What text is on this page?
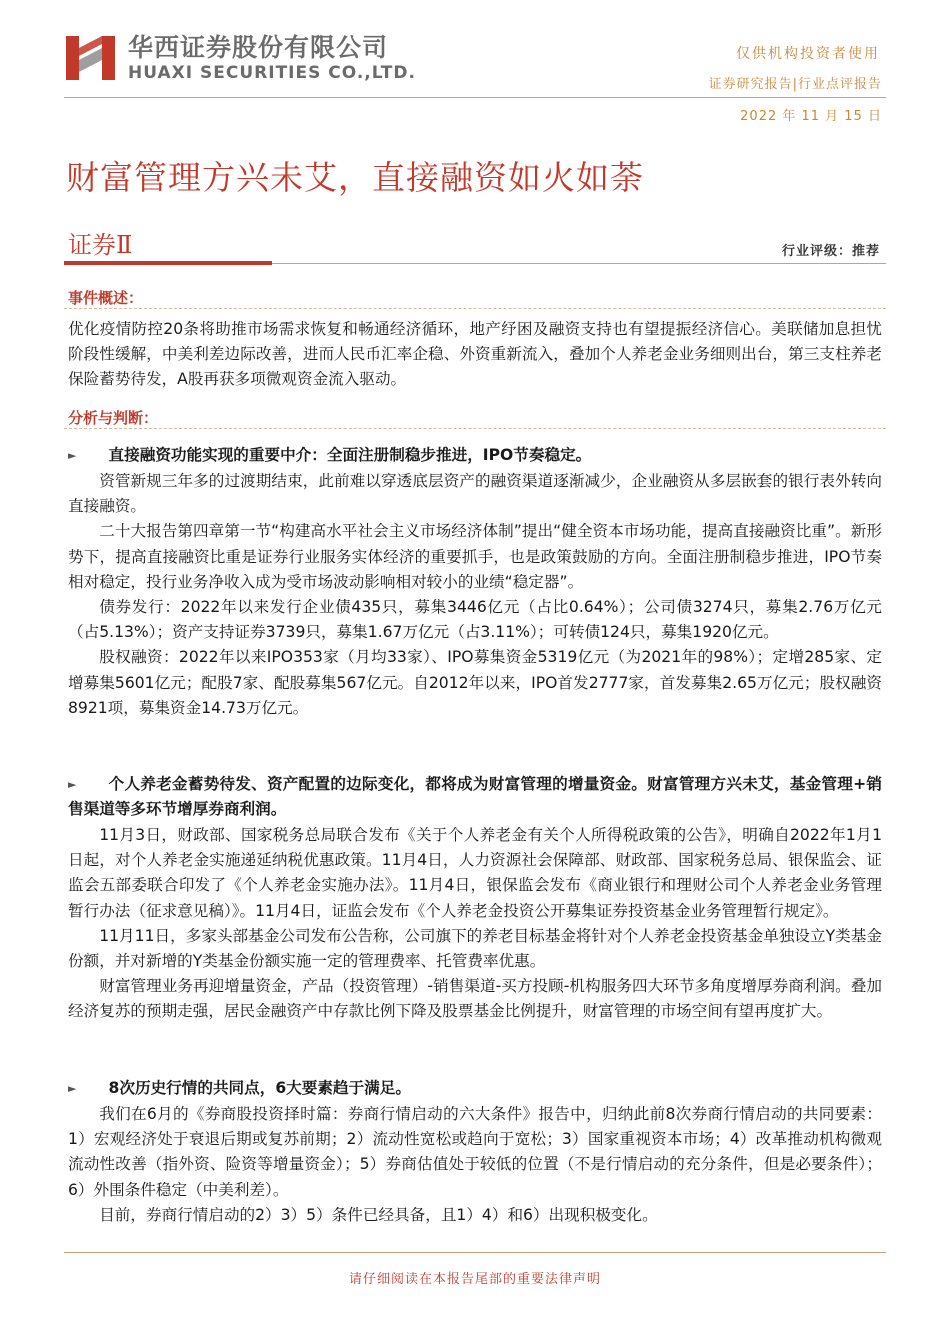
华西证券股份有限公司
HUAXI SECURITIES CO.,LTD.
仅供机构投资者使用
证券研究报告|行业点评报告
2022 年 11 月 15 日
财富管理方兴未艾，直接融资如火如荼
证券Ⅱ	行业评级：推荐
事件概述：

优化疫情防控20条将助推市场需求恢复和畅通经济循环，地产纾困及融资支持也有望提振经济信心。美联储加息担忧阶段性缓解，中美利差边际改善，进而人民币汇率企稳、外资重新流入，叠加个人养老金业务细则出台，第三支柱养老保险蓄势待发，A股再获多项微观资金流入驱动。

分析与判断：
►	直接融资功能实现的重要中介：全面注册制稳步推进，IPO节奏稳定。

资管新规三年多的过渡期结束，此前难以穿透底层资产的融资渠道逐渐减少，企业融资从多层嵌套的银行表外转向直接融资。

二十大报告第四章第一节“构建高水平社会主义市场经济体制”提出“健全资本市场功能，提高直接融资比重”。新形势下，提高直接融资比重是证券行业服务实体经济的重要抓手，也是政策鼓励的方向。全面注册制稳步推进，IPO节奏相对稳定，投行业务净收入成为受市场波动影响相对较小的业绩“稳定器”。

债券发行：2022年以来发行企业债435只，募集3446亿元（占比0.64%）；公司债3274只，募集2.76万亿元（占5.13%）；资产支持证券3739只，募集1.67万亿元（占3.11%）；可转债124只，募集1920亿元。

股权融资：2022年以来IPO353家（月均33家）、IPO募集资金5319亿元（为2021年的98%）；定增285家、定增募集5601亿元；配股7家、配股募集567亿元。自2012年以来，IPO首发2777家，首发募集2.65万亿元；股权融资8921项，募集资金14.73万亿元。

►	个人养老金蓄势待发、资产配置的边际变化，都将成为财富管理的增量资金。财富管理方兴未艾，基金管理+销售渠道等多环节增厚券商利润。

11月3日，财政部、国家税务总局联合发布《关于个人养老金有关个人所得税政策的公告》，明确自2022年1月1日起，对个人养老金实施递延纳税优惠政策。11月4日，人力资源社会保障部、财政部、国家税务总局、银保监会、证监会五部委联合印发了《个人养老金实施办法》。11月4日，银保监会发布《商业银行和理财公司个人养老金业务管理暂行办法（征求意见稿）》。11月4日，证监会发布《个人养老金投资公开募集证券投资基金业务管理暂行规定》。

11月11日，多家头部基金公司发布公告称，公司旗下的养老目标基金将针对个人养老金投资基金单独设立Y类基金份额，并对新增的Y类基金份额实施一定的管理费率、托管费率优惠。

财富管理业务再迎增量资金，产品（投资管理）-销售渠道-买方投顾-机构服务四大环节多角度增厚券商利润。叠加经济复苏的预期走强，居民金融资产中存款比例下降及股票基金比例提升，财富管理的市场空间有望再度扩大。

►	8次历史行情的共同点，6大要素趋于满足。

我们在6月的《券商股投资择时篇：券商行情启动的六大条件》报告中，归纳此前8次券商行情启动的共同要素：1）宏观经济处于衰退后期或复苏前期；2）流动性宽松或趋向于宽松；3）国家重视资本市场；4）改革推动机构微观流动性改善（指外资、险资等增量资金）；5）券商估值处于较低的位置（不是行情启动的充分条件，但是必要条件）；6）外围条件稳定（中美利差）。

目前，券商行情启动的2）3）5）条件已经具备，且1）4）和6）出现积极变化。

请仔细阅读在本报告尾部的重要法律声明
